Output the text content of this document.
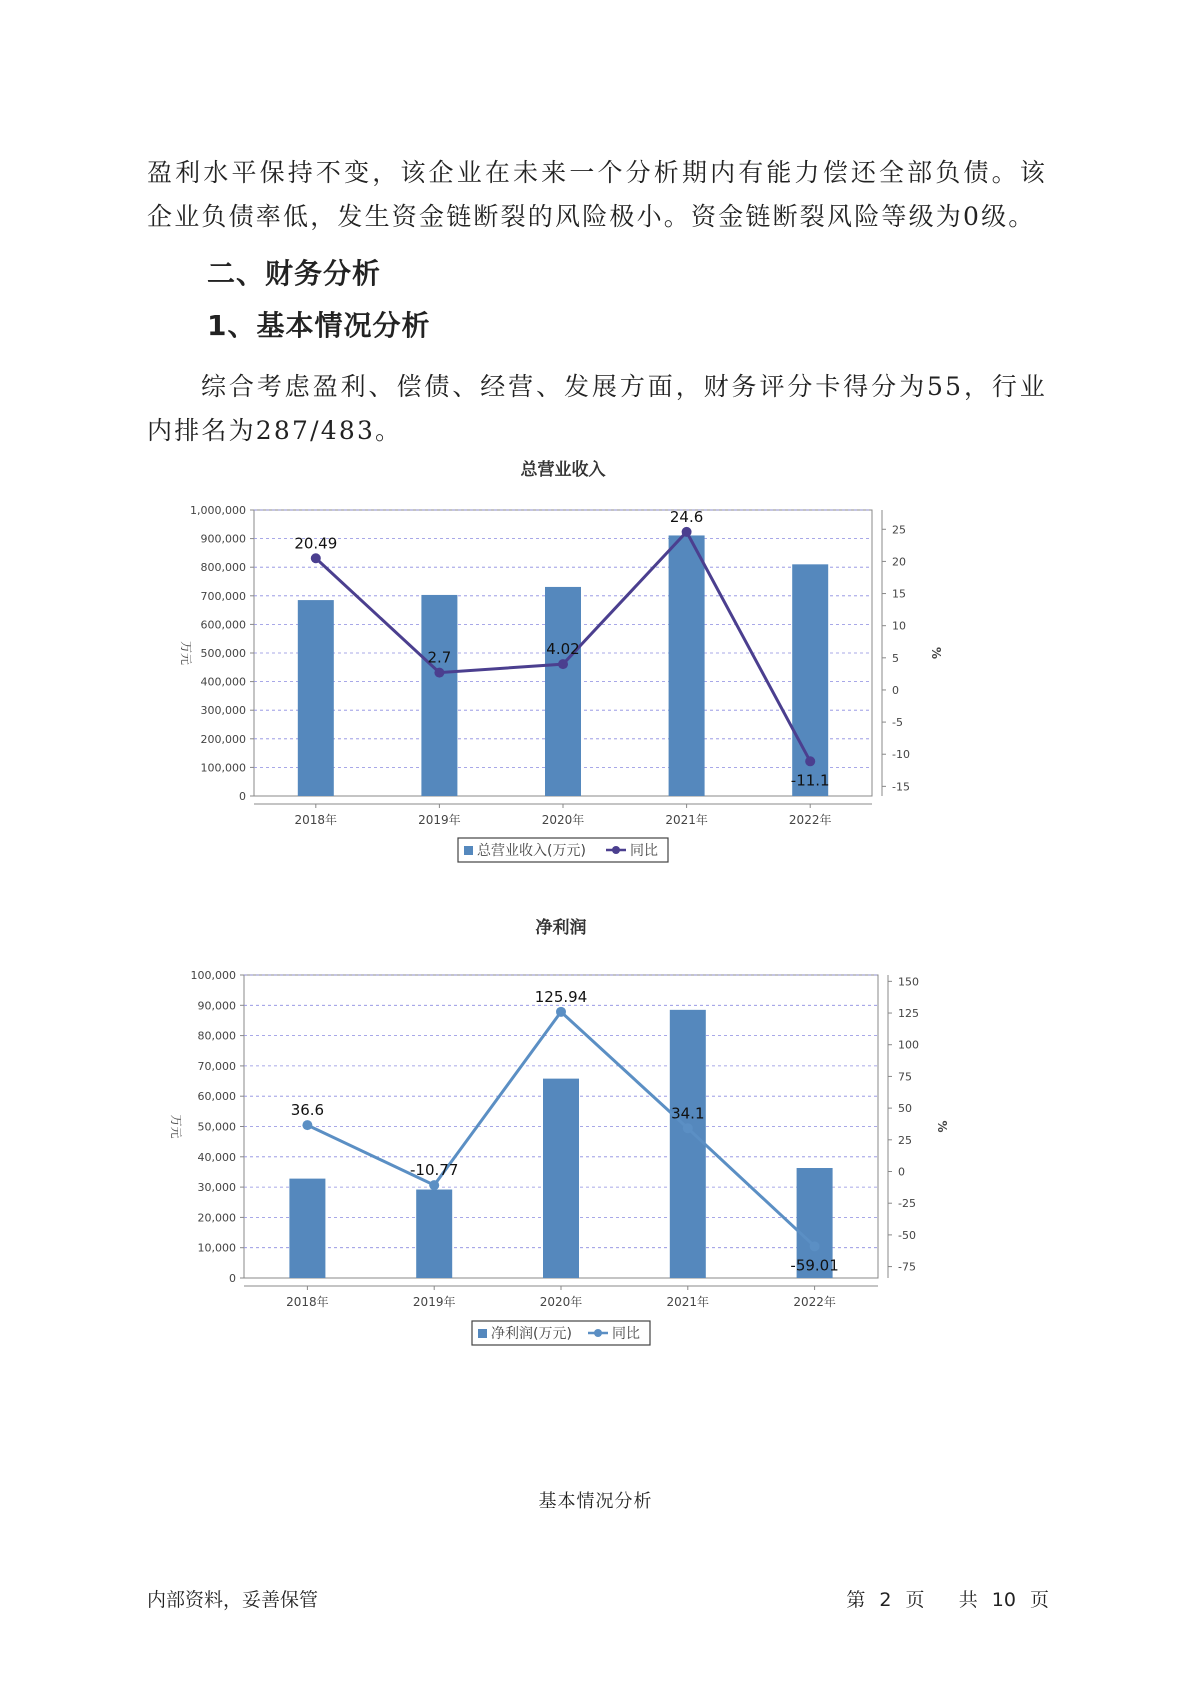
盈利水平保持不变，该企业在未来一个分析期内有能力偿还全部负债。该

企业负债率低，发生资金链断裂的风险极小。资金链断裂风险等级为0级。

二、财务分析
1、基本情况分析

综合考虑盈利、偿债、经营、发展方面，财务评分卡得分为55，行业

内排名为287/483。

总营业收入
0
100,000
200,000
300,000
400,000
500,000
600,000
700,000
800,000
900,000
1,000,000
-15
-10
-5
0
5
10
15
20
25
万元	%
2018年	2019年	2020年	2021年	2022年
20.49
2.7	4.02
24.6
-11.1
总营业收入(万元)	同比
净利润
0
10,000
20,000
30,000
40,000
50,000
60,000
70,000
80,000
90,000
100,000
-75
-50
-25
0
25
50
75
100
125
150
万元	%
2018年	2019年	2020年	2021年	2022年
36.6
-10.77
125.94
34.1
-59.01
净利润(万元)	同比

基本情况分析

内部资料，妥善保管	第 2 页 共 10 页
